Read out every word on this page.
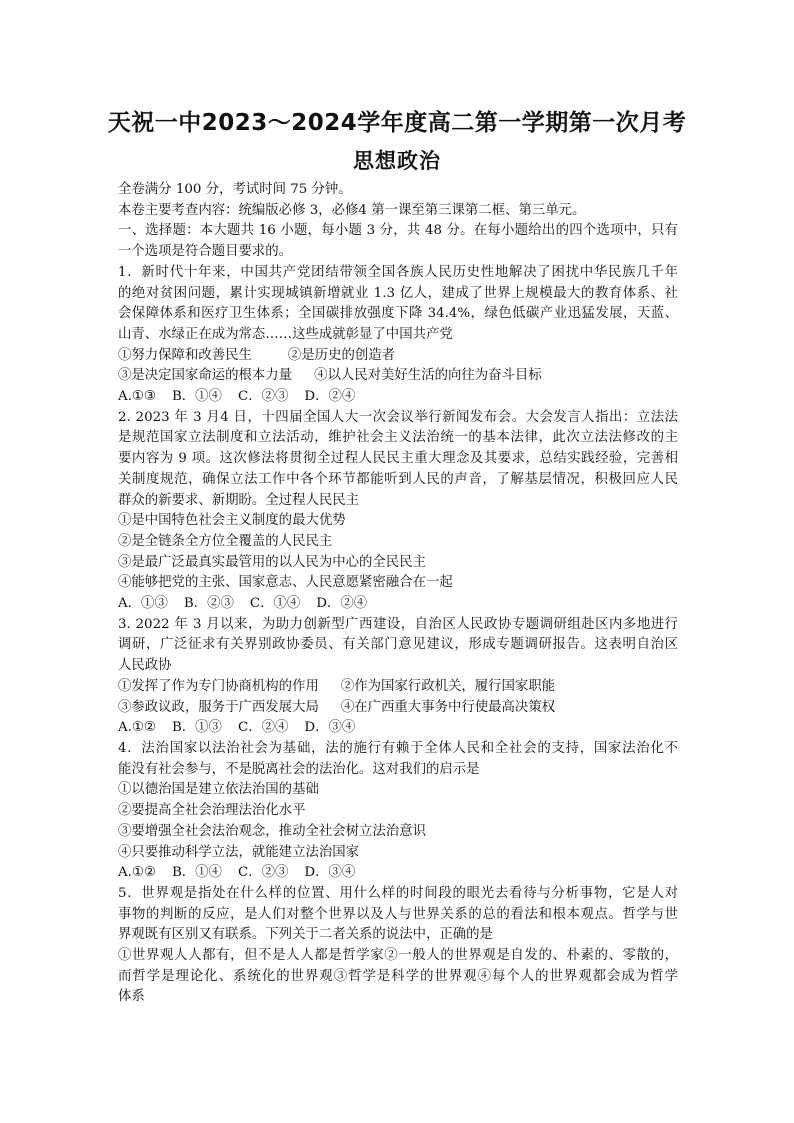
天祝一中2023～2024学年度高二第一学期第一次月考
思想政治
全卷满分 100 分，考试时间 75 分钟。
本卷主要考查内容：统编版必修 3，必修4 第一课至第三课第二框、第三单元。
一、选择题：本大题共 16 小题，每小题 3 分，共 48 分。在每小题给出的四个选项中，只有
一个选项是符合题目要求的。
1．新时代十年来，中国共产党团结带领全国各族人民历史性地解决了困扰中华民族几千年
的绝对贫困问题，累计实现城镇新增就业 1.3 亿人，建成了世界上规模最大的教育体系、社
会保障体系和医疗卫生体系；全国碳排放强度下降 34.4%，绿色低碳产业迅猛发展，天蓝、
山青、水绿正在成为常态……这些成就彰显了中国共产党
①努力保障和改善民生	②是历史的创造者
③是决定国家命运的根本力量 ④以人民对美好生活的向往为奋斗目标
A.①③ B．①④ C．②③ D．②④
2. 2023 年 3 月4 日，十四届全国人大一次会议举行新闻发布会。大会发言人指出：立法法
是规范国家立法制度和立法活动，维护社会主义法治统一的基本法律，此次立法法修改的主
要内容为 9 项。这次修法将贯彻全过程人民民主重大理念及其要求，总结实践经验，完善相
关制度规范，确保立法工作中各个环节都能听到人民的声音，了解基层情况，积极回应人民
群众的新要求、新期盼。全过程人民民主
①是中国特色社会主义制度的最大优势
②是全链条全方位全覆盖的人民民主
③是最广泛最真实最管用的以人民为中心的全民民主
④能够把党的主张、国家意志、人民意愿紧密融合在一起
A．①③ B．②③ C．①④ D．②④
3. 2022 年 3 月以来，为助力创新型广西建设，自治区人民政协专题调研组赴区内多地进行
调研，广泛征求有关界别政协委员、有关部门意见建议，形成专题调研报告。这表明自治区
人民政协
①发挥了作为专门协商机构的作用 ②作为国家行政机关，履行国家职能
③参政议政，服务于广西发展大局 ④在广西重大事务中行使最高决策权
A.①② B．①③ C．②④ D．③④
4．法治国家以法治社会为基础，法的施行有赖于全体人民和全社会的支持，国家法治化不
能没有社会参与，不是脱离社会的法治化。这对我们的启示是
①以德治国是建立依法治国的基础
②要提高全社会治理法治化水平
③要增强全社会法治观念，推动全社会树立法治意识
④只要推动科学立法，就能建立法治国家
A.①② B．①④ C．②③ D．③④
5．世界观是指处在什么样的位置、用什么样的时间段的眼光去看待与分析事物，它是人对
事物的判断的反应，是人们对整个世界以及人与世界关系的总的看法和根本观点。哲学与世
界观既有区别又有联系。下列关于二者关系的说法中，正确的是
①世界观人人都有，但不是人人都是哲学家②一般人的世界观是自发的、朴素的、零散的，
而哲学是理论化、系统化的世界观③哲学是科学的世界观④每个人的世界观都会成为哲学
体系
